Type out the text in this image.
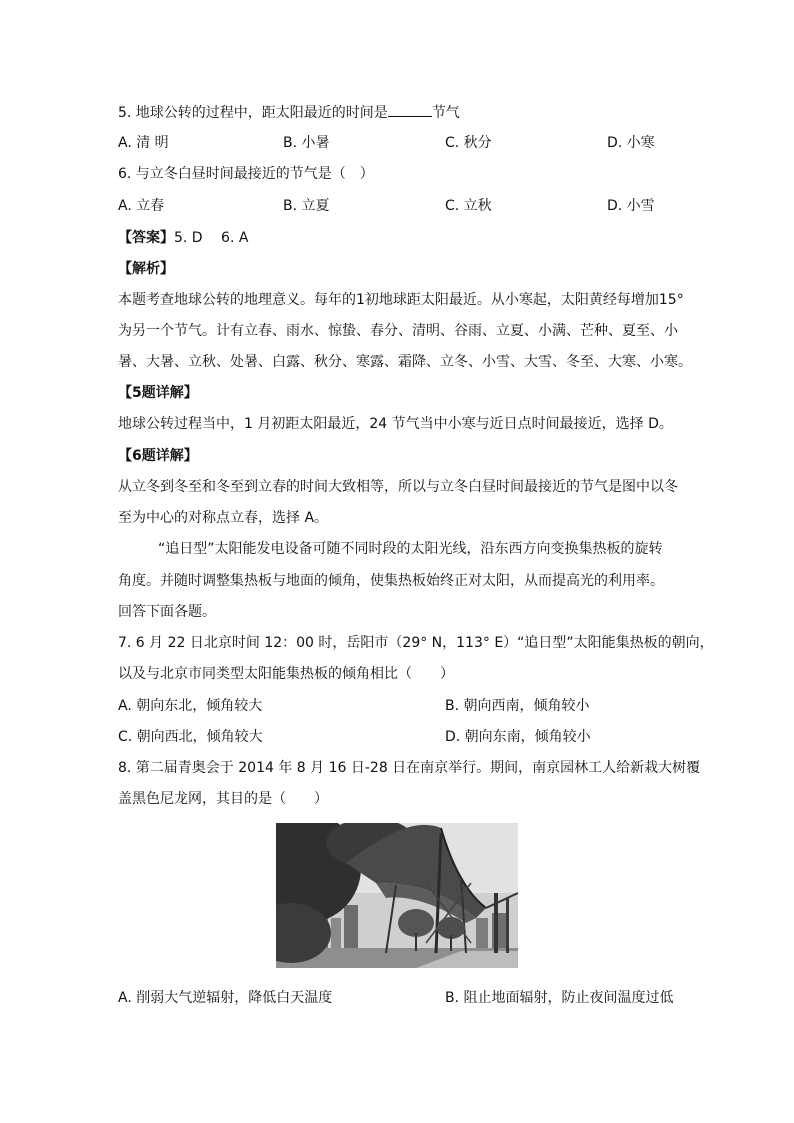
5. 地球公转的过程中，距太阳最近的时间是	节气
A. 清 明	B. 小暑	C. 秋分	D. 小寒
6. 与立冬白昼时间最接近的节气是（　）
A. 立春	B. 立夏	C. 立秋	D. 小雪
【答案】5. D　 6. A
【解析】
本题考查地球公转的地理意义。每年的1初地球距太阳最近。从小寒起，太阳黄经每增加15°
为另一个节气。计有立春、雨水、惊蛰、春分、清明、谷雨、立夏、小满、芒种、夏至、小
暑、大暑、立秋、处暑、白露、秋分、寒露、霜降、立冬、小雪、大雪、冬至、大寒、小寒。
【5题详解】
地球公转过程当中，1 月初距太阳最近，24 节气当中小寒与近日点时间最接近，选择 D。
【6题详解】
从立冬到冬至和冬至到立春的时间大致相等，所以与立冬白昼时间最接近的节气是图中以冬
至为中心的对称点立春，选择 A。
“追日型”太阳能发电设备可随不同时段的太阳光线，沿东西方向变换集热板的旋转
角度。并随时调整集热板与地面的倾角，使集热板始终正对太阳，从而提高光的利用率。
回答下面各题。
7. 6 月 22 日北京时间 12：00 时，岳阳市（29° N，113° E）“追日型”太阳能集热板的朝向，
以及与北京市同类型太阳能集热板的倾角相比（　　）
A. 朝向东北，倾角较大	B. 朝向西南，倾角较小
C. 朝向西北，倾角较大	D. 朝向东南，倾角较小
8. 第二届青奥会于 2014 年 8 月 16 日-28 日在南京举行。期间，南京园林工人给新栽大树覆
盖黑色尼龙网，其目的是（　　）
A. 削弱大气逆辐射，降低白天温度	B. 阻止地面辐射，防止夜间温度过低
